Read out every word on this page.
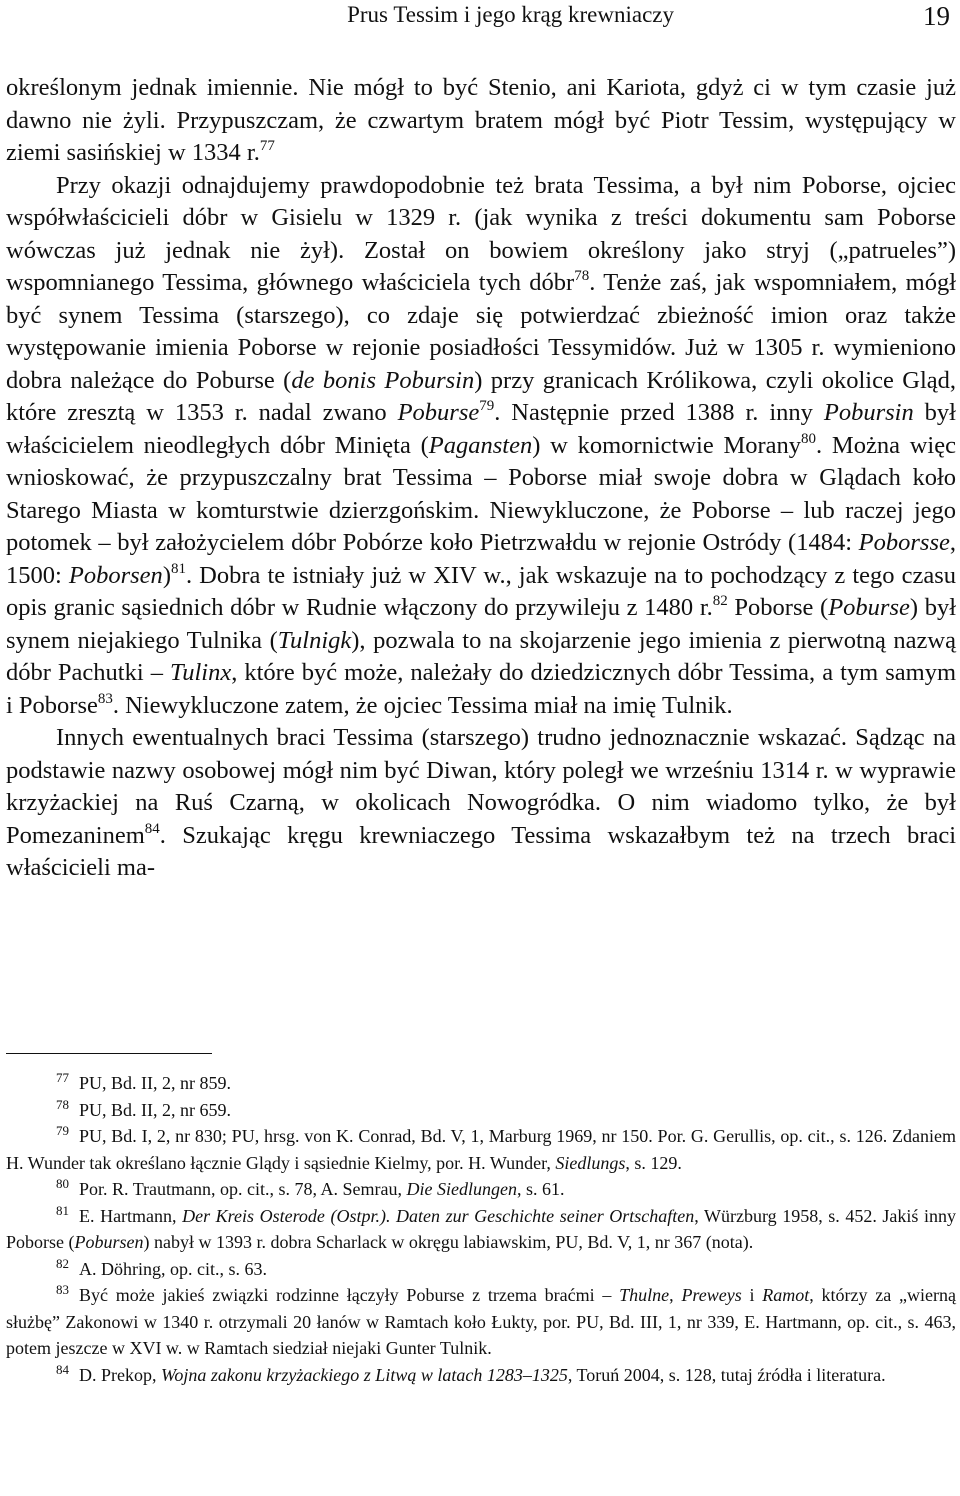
Prus Tessim i jego krąg krewniaczy	19

określonym jednak imiennie. Nie mógł to być Stenio, ani Kariota, gdyż ci w tym czasie już dawno nie żyli. Przypuszczam, że czwartym bratem mógł być Piotr Tessim, występujący w ziemi sasińskiej w 1334 r.$^{77}$

Przy okazji odnajdujemy prawdopodobnie też brata Tessima, a był nim Poborse, ojciec współwłaścicieli dóbr w Gisielu w 1329 r. (jak wynika z treści dokumentu sam Poborse wówczas już jednak nie żył). Został on bowiem określony jako stryj („patrueles”) wspomnianego Tessima, głównego właściciela tych dóbr$^{78}$. Tenże zaś, jak wspomniałem, mógł być synem Tessima (starszego), co zdaje się potwierdzać zbieżność imion oraz także występowanie imienia Poborse w rejonie posiadłości Tessymidów. Już w 1305 r. wymieniono dobra należące do Poburse (de bonis Pobursin) przy granicach Królikowa, czyli okolice Gląd, które zresztą w 1353 r. nadal zwano Poburse$^{79}$. Następnie przed 1388 r. inny Pobursin był właścicielem nieodległych dóbr Minięta (Pagansten) w komornictwie Morany$^{80}$. Można więc wnioskować, że przypuszczalny brat Tessima – Poborse miał swoje dobra w Glądach koło Starego Miasta w komturstwie dzierzgońskim. Niewykluczone, że Poborse – lub raczej jego potomek – był założycielem dóbr Pobórze koło Pietrzwałdu w rejonie Ostródy (1484: Poborsse, 1500: Poborsen)$^{81}$. Dobra te istniały już w XIV w., jak wskazuje na to pochodzący z tego czasu opis granic sąsiednich dóbr w Rudnie włączony do przywileju z 1480 r.$^{82}$ Poborse (Poburse) był synem niejakiego Tulnika (Tulnigk), pozwala to na skojarzenie jego imienia z pierwotną nazwą dóbr Pachutki – Tulinx, które być może, należały do dziedzicznych dóbr Tessima, a tym samym i Poborse$^{83}$. Niewykluczone zatem, że ojciec Tessima miał na imię Tulnik.

Innych ewentualnych braci Tessima (starszego) trudno jednoznacznie wskazać. Sądząc na podstawie nazwy osobowej mógł nim być Diwan, który poległ we wrześniu 1314 r. w wyprawie krzyżackiej na Ruś Czarną, w okolicach Nowogródka. O nim wiadomo tylko, że był Pomezaninem$^{84}$. Szukając kręgu krewniaczego Tessima wskazałbym też na trzech braci właścicieli ma-

$^{77}$ PU, Bd. II, 2, nr 859.

$^{78}$ PU, Bd. II, 2, nr 659.

$^{79}$ PU, Bd. I, 2, nr 830; PU, hrsg. von K. Conrad, Bd. V, 1, Marburg 1969, nr 150. Por. G. Gerullis, op. cit., s. 126. Zdaniem H. Wunder tak określano łącznie Glądy i sąsiednie Kielmy, por. H. Wunder, Siedlungs, s. 129.

$^{80}$ Por. R. Trautmann, op. cit., s. 78, A. Semrau, Die Siedlungen, s. 61.

$^{81}$ E. Hartmann, Der Kreis Osterode (Ostpr.). Daten zur Geschichte seiner Ortschaften, Würzburg 1958, s. 452. Jakiś inny Poborse (Pobursen) nabył w 1393 r. dobra Scharlack w okręgu labiawskim, PU, Bd. V, 1, nr 367 (nota).

$^{82}$ A. Döhring, op. cit., s. 63.

$^{83}$ Być może jakieś związki rodzinne łączyły Pobursе z trzema braćmi – Thulne, Preweys i Ramot, którzy za „wierną służbę” Zakonowi w 1340 r. otrzymali 20 łanów w Ramtach koło Łukty, por. PU, Bd. III, 1, nr 339, E. Hartmann, op. cit., s. 463, potem jeszcze w XVI w. w Ramtach siedział niejaki Gunter Tulnik.

$^{84}$ D. Prekop, Wojna zakonu krzyżackiego z Litwą w latach 1283–1325, Toruń 2004, s. 128, tutaj źródła i literatura.
